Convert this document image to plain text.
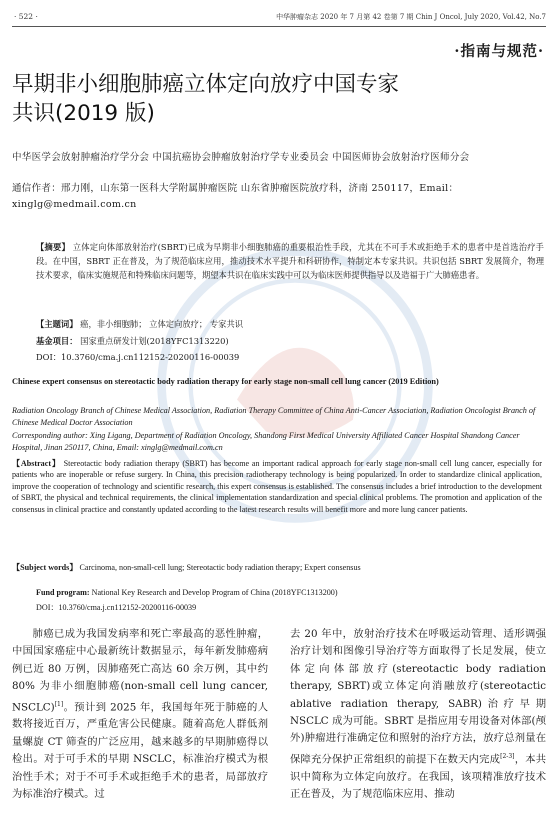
· 522 ·	中华肿瘤杂志 2020 年 7 月第 42 卷第 7 期 Chin J Oncol, July 2020, Vol.42, No.7
·指南与规范·
早期非小细胞肺癌立体定向放疗中国专家
共识(2019 版)
中华医学会放射肿瘤治疗学分会 中国抗癌协会肿瘤放射治疗学专业委员会 中国医师协会放射治疗医师分会
通信作者：邢力刚，山东第一医科大学附属肿瘤医院 山东省肿瘤医院放疗科，济南 250117，Email：xinglg@medmail.com.cn
【摘要】 立体定向体部放射治疗(SBRT)已成为早期非小细胞肺癌的重要根治性手段，尤其在不可手术或拒绝手术的患者中是首选治疗手段。在中国，SBRT 正在普及，为了规范临床应用，推动技术水平提升和科研协作，特制定本专家共识。共识包括 SBRT 发展简介，物理技术要求，临床实施规范和特殊临床问题等，期望本共识在临床实践中可以为临床医师提供指导以及造福于广大肺癌患者。
【主题词】 癌，非小细胞肺； 立体定向放疗； 专家共识
基金项目： 国家重点研发计划(2018YFC1313220)
DOI：10.3760/cma.j.cn112152-20200116-00039
Chinese expert consensus on stereotactic body radiation therapy for early stage non-small cell lung cancer (2019 Edition)
Radiation Oncology Branch of Chinese Medical Association, Radiation Therapy Committee of China Anti-Cancer Association, Radiation Oncologist Branch of Chinese Medical Doctor Association
Corresponding author: Xing Ligang, Department of Radiation Oncology, Shandong First Medical University Affiliated Cancer Hospital Shandong Cancer Hospital, Jinan 250117, China, Email: xinglg@medmail.com.cn
【Abstract】 Stereotactic body radiation therapy (SBRT) has become an important radical approach for early stage non-small cell lung cancer, especially for patients who are inoperable or refuse surgery. In China, this precision radiotherapy technology is being popularized. In order to standardize clinical application, improve the cooperation of technology and scientific research, this expert consensus is established. The consensus includes a brief introduction to the development of SBRT, the physical and technical requirements, the clinical implementation standardization and special clinical problems. The promotion and application of the consensus in clinical practice and constantly updated according to the latest research results will benefit more and more lung cancer patients.
【Subject words】 Carcinoma, non-small-cell lung; Stereotactic body radiation therapy; Expert consensus
Fund program: National Key Research and Develop Program of China (2018YFC1313200)
DOI：10.3760/cma.j.cn112152-20200116-00039
肺癌已成为我国发病率和死亡率最高的恶性肿瘤，中国国家癌症中心最新统计数据显示，每年新发肺癌病例已近 80 万例，因肺癌死亡高达 60 余万例，其中约 80% 为非小细胞肺癌(non-small cell lung cancer, NSCLC)[1]。预计到 2025 年，我国每年死于肺癌的人数将接近百万，严重危害公民健康。随着高危人群低剂量螺旋 CT 筛查的广泛应用，越来越多的早期肺癌得以检出。对于可手术的早期 NSCLC，标准治疗模式为根治性手术；对于不可手术或拒绝手术的患者，局部放疗为标准治疗模式。过
去 20 年中，放射治疗技术在呼吸运动管理、适形调强治疗计划和图像引导治疗等方面取得了长足发展，使立体定向体部放疗(stereotactic body radiation therapy, SBRT)或立体定向消融放疗(stereotactic ablative radiation therapy, SABR)治疗早期 NSCLC 成为可能。SBRT 是指应用专用设备对体部(颅外)肿瘤进行准确定位和照射的治疗方法，放疗总剂量在保障充分保护正常组织的前提下在数天内完成[2-3]，本共识中简称为立体定向放疗。在我国，该项精准放疗技术正在普及，为了规范临床应用、推动
